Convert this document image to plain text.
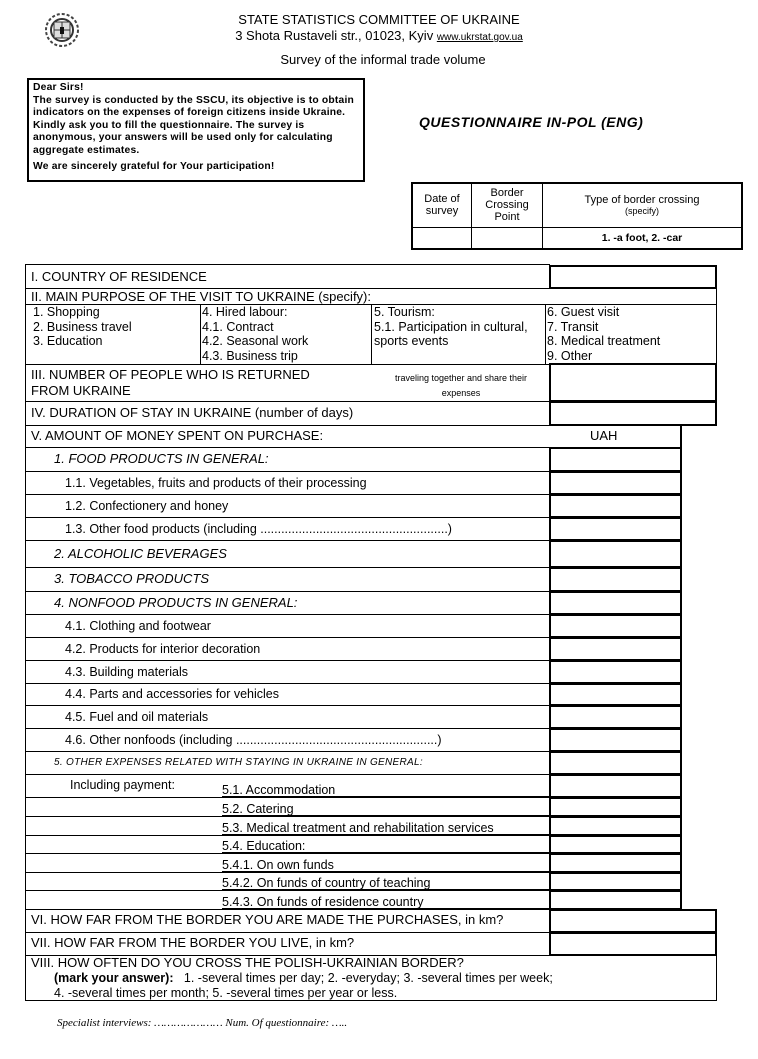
STATE STATISTICS COMMITTEE OF UKRAINE
3 Shota Rustaveli str., 01023, Kyiv www.ukrstat.gov.ua
Survey of the informal trade volume

Dear Sirs!

The survey is conducted by the SSCU, its objective is to obtain indicators on the expenses of foreign citizens inside Ukraine. Kindly ask you to fill the questionnaire. The survey is anonymous, your answers will be used only for calculating aggregate estimates.

We are sincerely grateful for Your participation!

QUESTIONNAIRE IN-POL (ENG)
Date of survey	Border Crossing Point	Type of border crossing
(specify)

		1. -a foot, 2. -car
I. COUNTRY OF RESIDENCE
II. MAIN PURPOSE OF THE VISIT TO UKRAINE (specify):
1. Shopping
2. Business travel
3. Education
4. Hired labour:
4.1. Contract
4.2. Seasonal work
4.3. Business trip
5. Tourism:
5.1. Participation in cultural,
sports events
6. Guest visit
7. Transit
8. Medical treatment
9. Other
III. NUMBER OF PEOPLE WHO IS RETURNED
FROM UKRAINE
traveling together and share their
expenses
IV. DURATION OF STAY IN UKRAINE (number of days)
V. AMOUNT OF MONEY SPENT ON PURCHASE:	UAH
1. FOOD PRODUCTS IN GENERAL:
1.1. Vegetables, fruits and products of their processing
1.2. Confectionery and honey
1.3. Other food products (including ......................................................)
2. ALCOHOLIC BEVERAGES
3. TOBACCO PRODUCTS
4. NONFOOD PRODUCTS IN GENERAL:
4.1. Clothing and footwear
4.2. Products for interior decoration
4.3. Building materials
4.4. Parts and accessories for vehicles
4.5. Fuel and oil materials
4.6. Other nonfoods (including ..........................................................)
5. OTHER EXPENSES RELATED WITH STAYING IN UKRAINE IN GENERAL:
Including payment:	5.1. Accommodation
5.2. Catering
5.3. Medical treatment and rehabilitation services
5.4. Education:
5.4.1. On own funds
5.4.2. On funds of country of teaching
5.4.3. On funds of residence country
VI. HOW FAR FROM THE BORDER YOU ARE MADE THE PURCHASES, in km?
VII. HOW FAR FROM THE BORDER YOU LIVE, in km?
VIII. HOW OFTEN DO YOU CROSS THE POLISH-UKRAINIAN BORDER?
(mark your answer): 1. -several times per day; 2. -everyday; 3. -several times per week;
4. -several times per month; 5. -several times per year or less.
Specialist interviews: ………………… Num. Of questionnaire: …..
